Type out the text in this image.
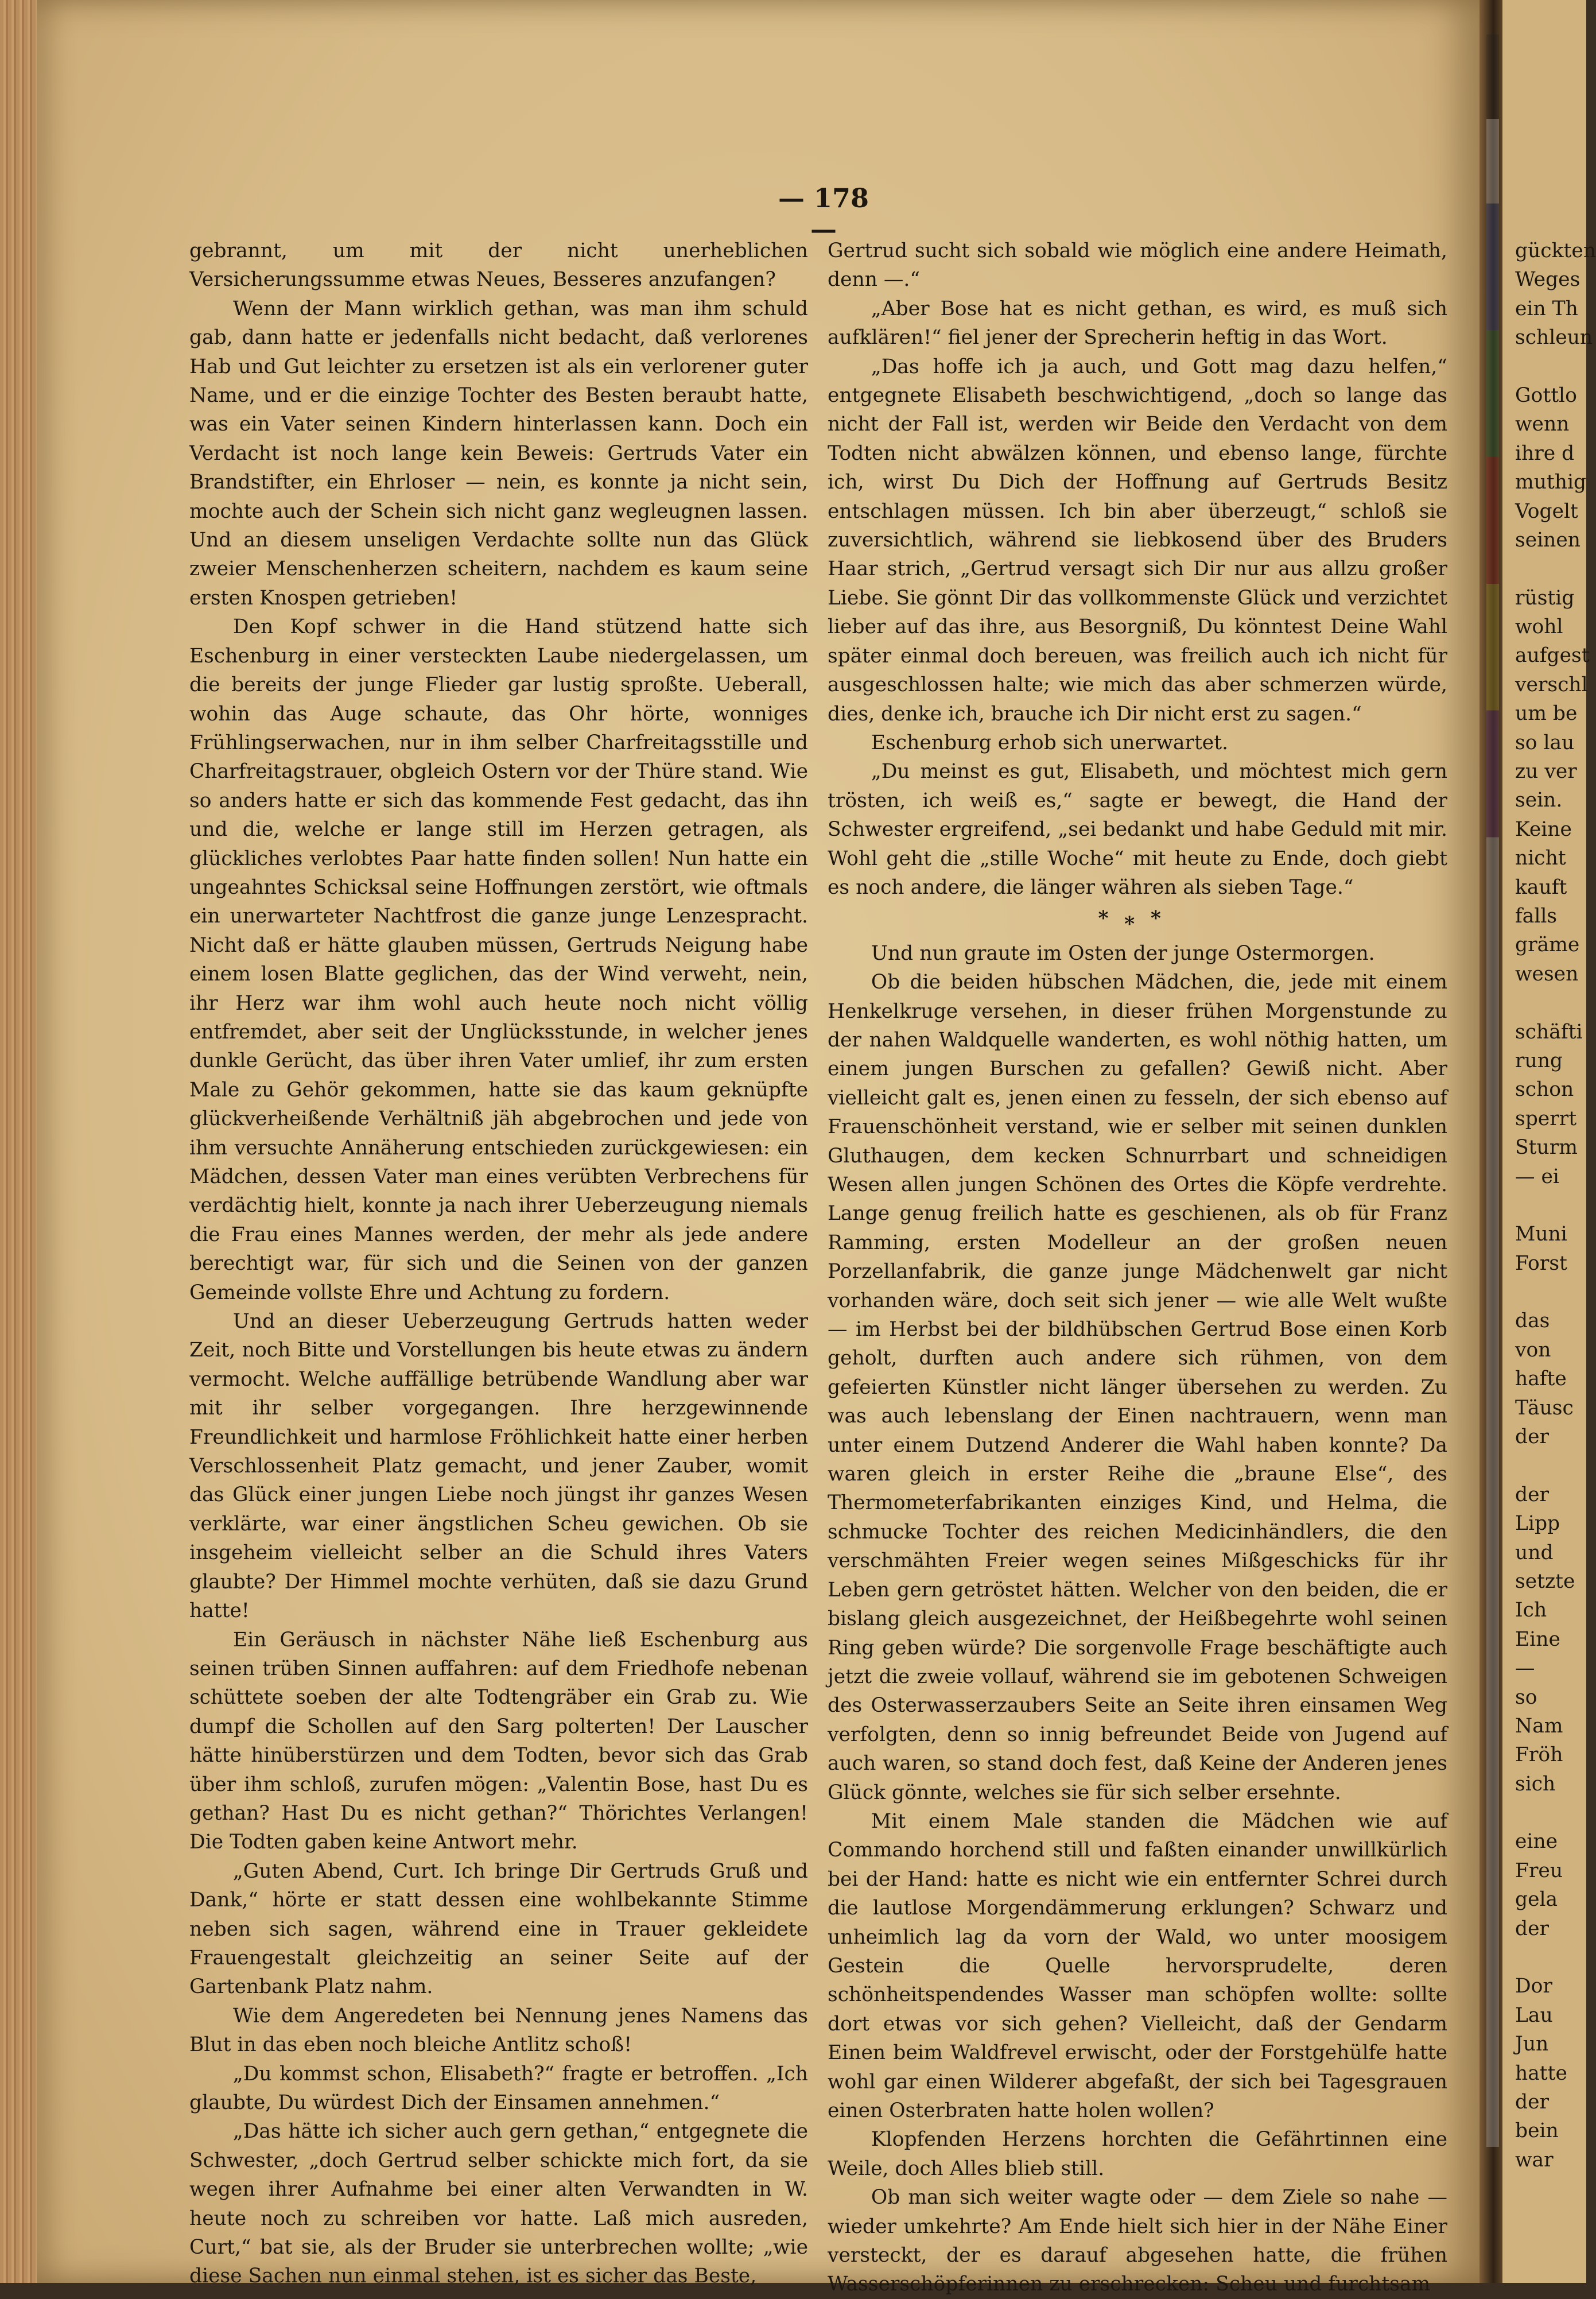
— 178 —

gebrannt, um mit der nicht unerheblichen Versicherungssumme etwas Neues, Besseres anzufangen?

Wenn der Mann wirklich gethan, was man ihm schuld gab, dann hatte er jedenfalls nicht bedacht, daß verlorenes Hab und Gut leichter zu ersetzen ist als ein verlorener guter Name, und er die einzige Tochter des Besten beraubt hatte, was ein Vater seinen Kindern hinterlassen kann. Doch ein Verdacht ist noch lange kein Beweis: Gertruds Vater ein Brandstifter, ein Ehrloser — nein, es konnte ja nicht sein, mochte auch der Schein sich nicht ganz wegleugnen lassen. Und an diesem unseligen Verdachte sollte nun das Glück zweier Menschenherzen scheitern, nachdem es kaum seine ersten Knospen getrieben!

Den Kopf schwer in die Hand stützend hatte sich Eschenburg in einer versteckten Laube niedergelassen, um die bereits der junge Flieder gar lustig sproßte. Ueberall, wohin das Auge schaute, das Ohr hörte, wonniges Frühlingserwachen, nur in ihm selber Charfreitagsstille und Charfreitagstrauer, obgleich Ostern vor der Thüre stand. Wie so anders hatte er sich das kommende Fest gedacht, das ihn und die, welche er lange still im Herzen getragen, als glückliches verlobtes Paar hatte finden sollen! Nun hatte ein ungeahntes Schicksal seine Hoffnungen zerstört, wie oftmals ein unerwarteter Nachtfrost die ganze junge Lenzespracht. Nicht daß er hätte glauben müssen, Gertruds Neigung habe einem losen Blatte geglichen, das der Wind verweht, nein, ihr Herz war ihm wohl auch heute noch nicht völlig entfremdet, aber seit der Unglücksstunde, in welcher jenes dunkle Gerücht, das über ihren Vater umlief, ihr zum ersten Male zu Gehör gekommen, hatte sie das kaum geknüpfte glückverheißende Verhältniß jäh abgebrochen und jede von ihm versuchte Annäherung entschieden zurückgewiesen: ein Mädchen, dessen Vater man eines verübten Verbrechens für verdächtig hielt, konnte ja nach ihrer Ueberzeugung niemals die Frau eines Mannes werden, der mehr als jede andere berechtigt war, für sich und die Seinen von der ganzen Gemeinde vollste Ehre und Achtung zu fordern.

Und an dieser Ueberzeugung Gertruds hatten weder Zeit, noch Bitte und Vorstellungen bis heute etwas zu ändern vermocht. Welche auffällige betrübende Wandlung aber war mit ihr selber vorgegangen. Ihre herzgewinnende Freundlichkeit und harmlose Fröhlichkeit hatte einer herben Verschlossenheit Platz gemacht, und jener Zauber, womit das Glück einer jungen Liebe noch jüngst ihr ganzes Wesen verklärte, war einer ängstlichen Scheu gewichen. Ob sie insgeheim vielleicht selber an die Schuld ihres Vaters glaubte? Der Himmel mochte verhüten, daß sie dazu Grund hatte!

Ein Geräusch in nächster Nähe ließ Eschenburg aus seinen trüben Sinnen auffahren: auf dem Friedhofe nebenan schüttete soeben der alte Todtengräber ein Grab zu. Wie dumpf die Schollen auf den Sarg polterten! Der Lauscher hätte hinüberstürzen und dem Todten, bevor sich das Grab über ihm schloß, zurufen mögen: „Valentin Bose, hast Du es gethan? Hast Du es nicht gethan?“ Thörichtes Verlangen! Die Todten gaben keine Antwort mehr.

„Guten Abend, Curt. Ich bringe Dir Gertruds Gruß und Dank,“ hörte er statt dessen eine wohlbekannte Stimme neben sich sagen, während eine in Trauer gekleidete Frauengestalt gleichzeitig an seiner Seite auf der Gartenbank Platz nahm.

Wie dem Angeredeten bei Nennung jenes Namens das Blut in das eben noch bleiche Antlitz schoß!

„Du kommst schon, Elisabeth?“ fragte er betroffen. „Ich glaubte, Du würdest Dich der Einsamen annehmen.“

„Das hätte ich sicher auch gern gethan,“ entgegnete die Schwester, „doch Gertrud selber schickte mich fort, da sie wegen ihrer Aufnahme bei einer alten Verwandten in W. heute noch zu schreiben vor hatte. Laß mich ausreden, Curt,“ bat sie, als der Bruder sie unterbrechen wollte; „wie diese Sachen nun einmal stehen, ist es sicher das Beste,

Gertrud sucht sich sobald wie möglich eine andere Heimath, denn —.“

„Aber Bose hat es nicht gethan, es wird, es muß sich aufklären!“ fiel jener der Sprecherin heftig in das Wort.

„Das hoffe ich ja auch, und Gott mag dazu helfen,“ entgegnete Elisabeth beschwichtigend, „doch so lange das nicht der Fall ist, werden wir Beide den Verdacht von dem Todten nicht abwälzen können, und ebenso lange, fürchte ich, wirst Du Dich der Hoffnung auf Gertruds Besitz entschlagen müssen. Ich bin aber überzeugt,“ schloß sie zuversichtlich, während sie liebkosend über des Bruders Haar strich, „Gertrud versagt sich Dir nur aus allzu großer Liebe. Sie gönnt Dir das vollkommenste Glück und verzichtet lieber auf das ihre, aus Besorgniß, Du könntest Deine Wahl später einmal doch bereuen, was freilich auch ich nicht für ausgeschlossen halte; wie mich das aber schmerzen würde, dies, denke ich, brauche ich Dir nicht erst zu sagen.“

Eschenburg erhob sich unerwartet.

„Du meinst es gut, Elisabeth, und möchtest mich gern trösten, ich weiß es,“ sagte er bewegt, die Hand der Schwester ergreifend, „sei bedankt und habe Geduld mit mir. Wohl geht die „stille Woche“ mit heute zu Ende, doch giebt es noch andere, die länger währen als sieben Tage.“

***

Und nun graute im Osten der junge Ostermorgen.

Ob die beiden hübschen Mädchen, die, jede mit einem Henkelkruge versehen, in dieser frühen Morgenstunde zu der nahen Waldquelle wanderten, es wohl nöthig hatten, um einem jungen Burschen zu gefallen? Gewiß nicht. Aber vielleicht galt es, jenen einen zu fesseln, der sich ebenso auf Frauenschönheit verstand, wie er selber mit seinen dunklen Gluthaugen, dem kecken Schnurrbart und schneidigen Wesen allen jungen Schönen des Ortes die Köpfe verdrehte. Lange genug freilich hatte es geschienen, als ob für Franz Ramming, ersten Modelleur an der großen neuen Porzellanfabrik, die ganze junge Mädchenwelt gar nicht vorhanden wäre, doch seit sich jener — wie alle Welt wußte — im Herbst bei der bildhübschen Gertrud Bose einen Korb geholt, durften auch andere sich rühmen, von dem gefeierten Künstler nicht länger übersehen zu werden. Zu was auch lebenslang der Einen nachtrauern, wenn man unter einem Dutzend Anderer die Wahl haben konnte? Da waren gleich in erster Reihe die „braune Else“, des Thermometerfabrikanten einziges Kind, und Helma, die schmucke Tochter des reichen Medicinhändlers, die den verschmähten Freier wegen seines Mißgeschicks für ihr Leben gern getröstet hätten. Welcher von den beiden, die er bislang gleich ausgezeichnet, der Heißbegehrte wohl seinen Ring geben würde? Die sorgenvolle Frage beschäftigte auch jetzt die zweie vollauf, während sie im gebotenen Schweigen des Osterwasserzaubers Seite an Seite ihren einsamen Weg verfolgten, denn so innig befreundet Beide von Jugend auf auch waren, so stand doch fest, daß Keine der Anderen jenes Glück gönnte, welches sie für sich selber ersehnte.

Mit einem Male standen die Mädchen wie auf Commando horchend still und faßten einander unwillkürlich bei der Hand: hatte es nicht wie ein entfernter Schrei durch die lautlose Morgendämmerung erklungen? Schwarz und unheimlich lag da vorn der Wald, wo unter moosigem Gestein die Quelle hervorsprudelte, deren schönheitspendendes Wasser man schöpfen wollte: sollte dort etwas vor sich gehen? Vielleicht, daß der Gendarm Einen beim Waldfrevel erwischt, oder der Forstgehülfe hatte wohl gar einen Wilderer abgefaßt, der sich bei Tagesgrauen einen Osterbraten hatte holen wollen?

Klopfenden Herzens horchten die Gefährtinnen eine Weile, doch Alles blieb still.

Ob man sich weiter wagte oder — dem Ziele so nahe — wieder umkehrte? Am Ende hielt sich hier in der Nähe Einer versteckt, der es darauf abgesehen hatte, die frühen Wasserschöpferinnen zu erschrecken: Scheu und furchtsam

gückten
Weges
ein Th
schleun
Gottlo
wenn
ihre d
muthig
Vogelt
seinen
rüstig
wohl
aufgest
verschl
um be
so lau
zu ver
sein.
Keine
nicht
kauft
falls
gräme
wesen
schäfti
rung
schon
sperrt
Sturm
— ei
Muni
Forst
das
von
hafte
Täusc
der
der
Lipp
und
setzte
Ich
Eine
—
so
Nam
Fröh
sich
eine
Freu
gela
der
Dor
Lau
Jun
hatte
der
bein
war
